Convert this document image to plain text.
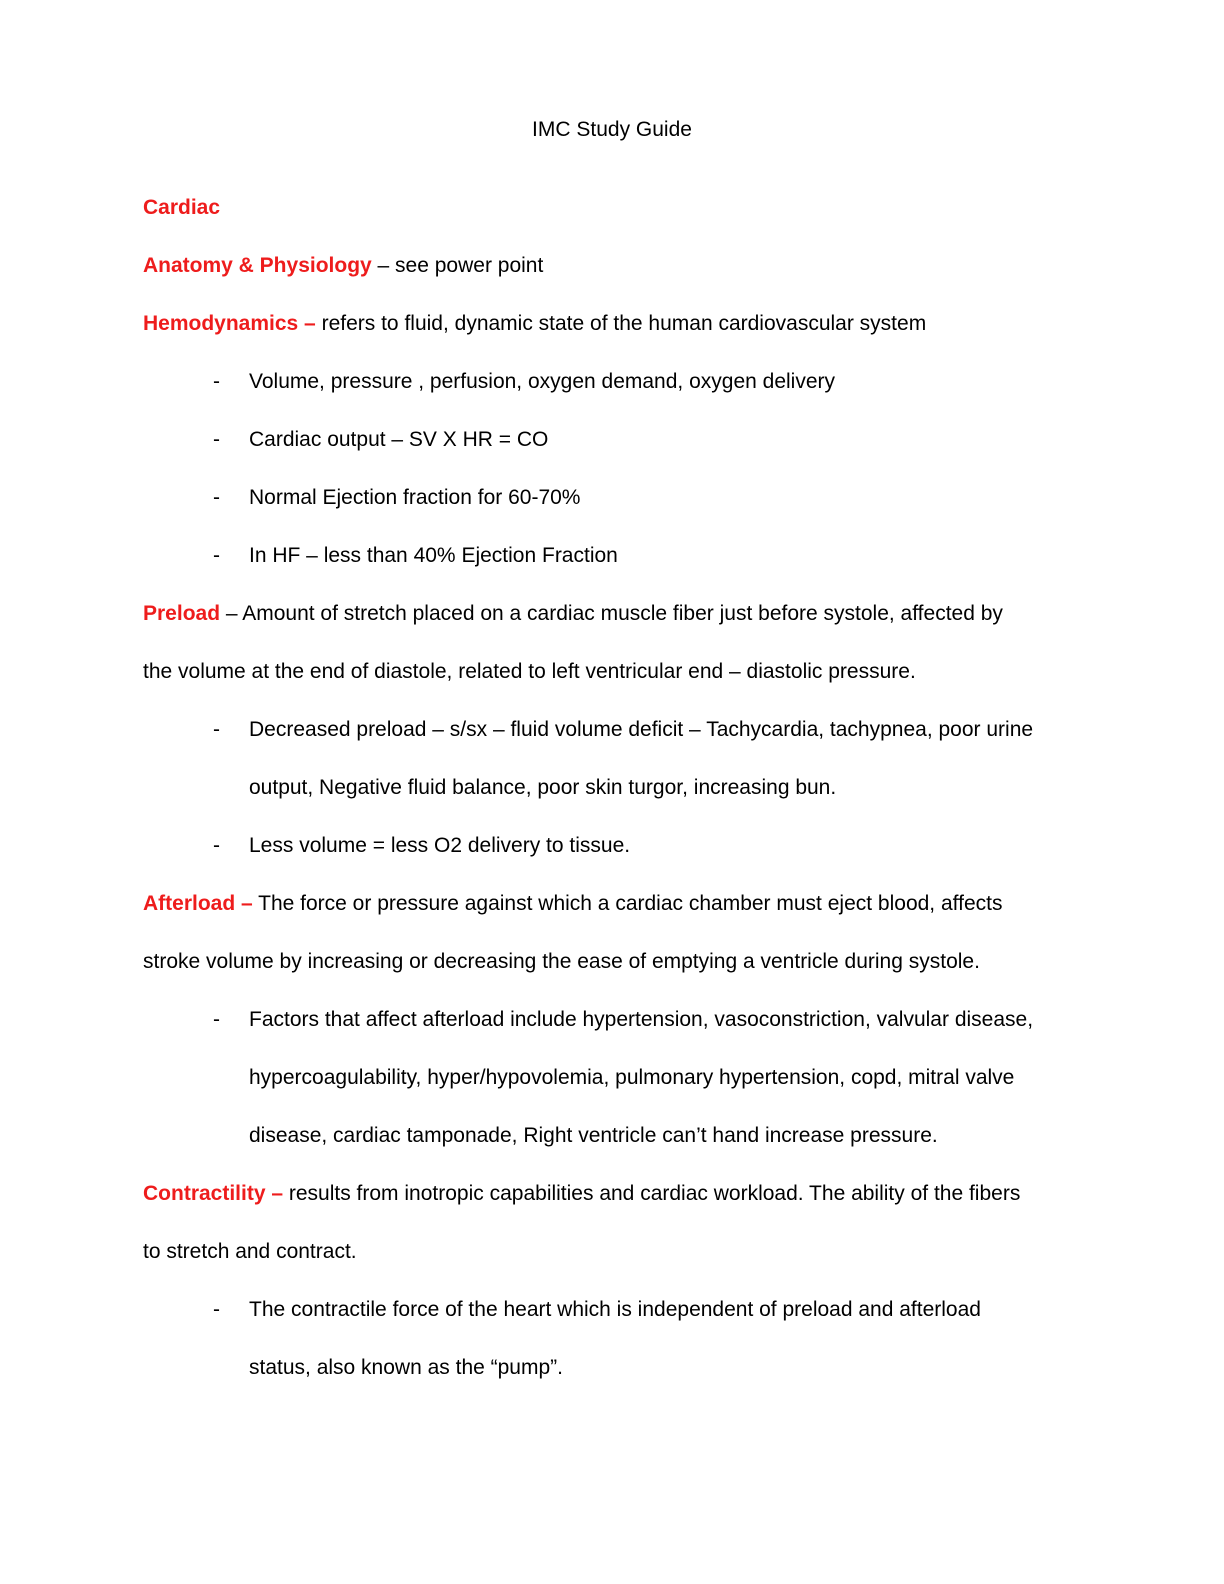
IMC Study Guide
Cardiac
Anatomy & Physiology – see power point
Hemodynamics – refers to fluid, dynamic state of the human cardiovascular system
- Volume, pressure , perfusion, oxygen demand, oxygen delivery
- Cardiac output – SV X HR = CO
- Normal Ejection fraction for 60-70%
- In HF – less than 40% Ejection Fraction
Preload – Amount of stretch placed on a cardiac muscle fiber just before systole, affected by
the volume at the end of diastole, related to left ventricular end – diastolic pressure.
- Decreased preload – s/sx – fluid volume deficit – Tachycardia, tachypnea, poor urine
output, Negative fluid balance, poor skin turgor, increasing bun.
- Less volume = less O2 delivery to tissue.
Afterload – The force or pressure against which a cardiac chamber must eject blood, affects
stroke volume by increasing or decreasing the ease of emptying a ventricle during systole.
- Factors that affect afterload include hypertension, vasoconstriction, valvular disease,
hypercoagulability, hyper/hypovolemia, pulmonary hypertension, copd, mitral valve
disease, cardiac tamponade, Right ventricle can’t hand increase pressure.
Contractility – results from inotropic capabilities and cardiac workload. The ability of the fibers
to stretch and contract.
- The contractile force of the heart which is independent of preload and afterload
status, also known as the “pump”.
